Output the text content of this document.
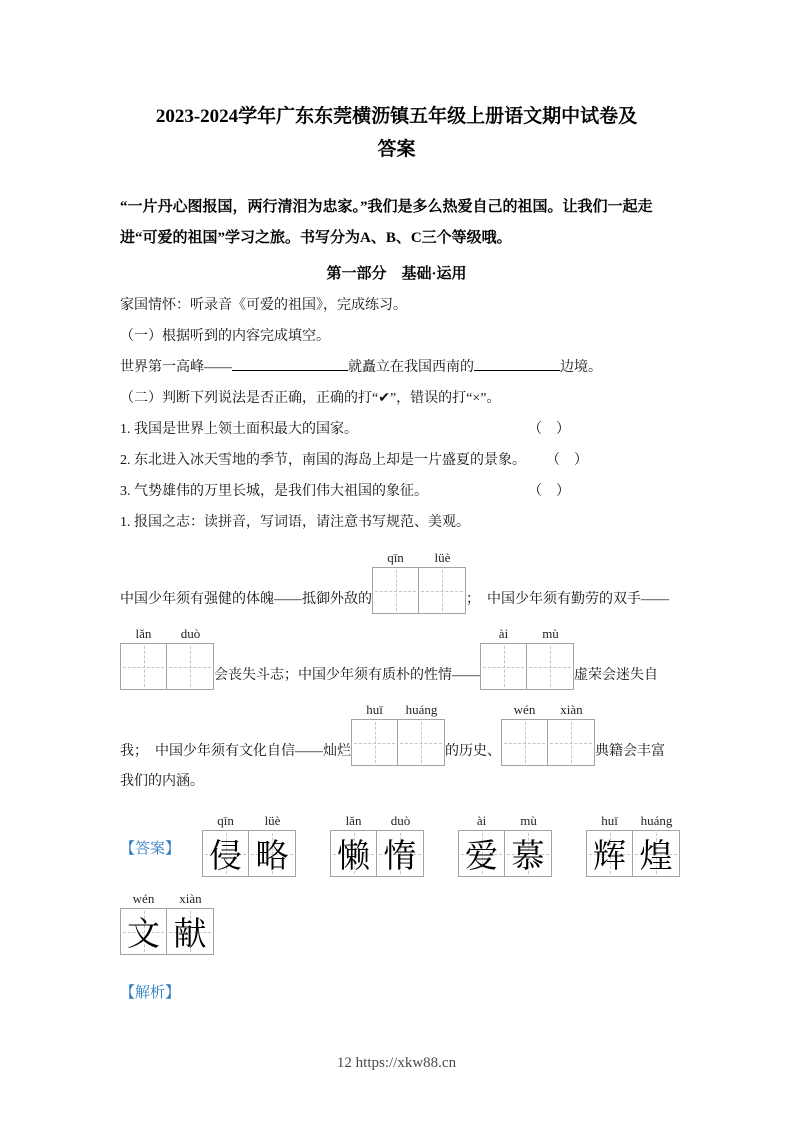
2023-2024学年广东东莞横沥镇五年级上册语文期中试卷及
答案
“一片丹心图报国，两行清泪为忠家。”我们是多么热爱自己的祖国。让我们一起走进“可爱的祖国”学习之旅。书写分为A、B、C三个等级哦。
第一部分　基础·运用
家国情怀：听录音《可爱的祖国》，完成练习。
（一）根据听到的内容完成填空。
世界第一高峰——	就矗立在我国西南的	边境。
（二）判断下列说法是否正确，正确的打“✔”，错误的打“×”。
1. 我国是世界上领土面积最大的国家。	（　）
2. 东北进入冰天雪地的季节，南国的海岛上却是一片盛夏的景象。 （　）
3. 气势雄伟的万里长城，是我们伟大祖国的象征。	（　）
1. 报国之志：读拼音，写词语，请注意书写规范、美观。
中国少年须有强健的体魄——抵御外敌的
qīn	lüè
；　中国少年须有勤劳的双手——
lǎn	duò
会丧失斗志；中国少年须有质朴的性情——
ài	mù
虚荣会迷失自
我；　中国少年须有文化自信——灿烂
huī	huáng
的历史、
wén	xiàn
典籍会丰富
我们的内涵。
【答案】
qīn	lüè
侵 略
lǎn	duò
懒 惰
ài	mù
爱 慕
huī	huáng
辉 煌
wén	xiàn
文 献
【解析】
12 https://xkw88.cn
